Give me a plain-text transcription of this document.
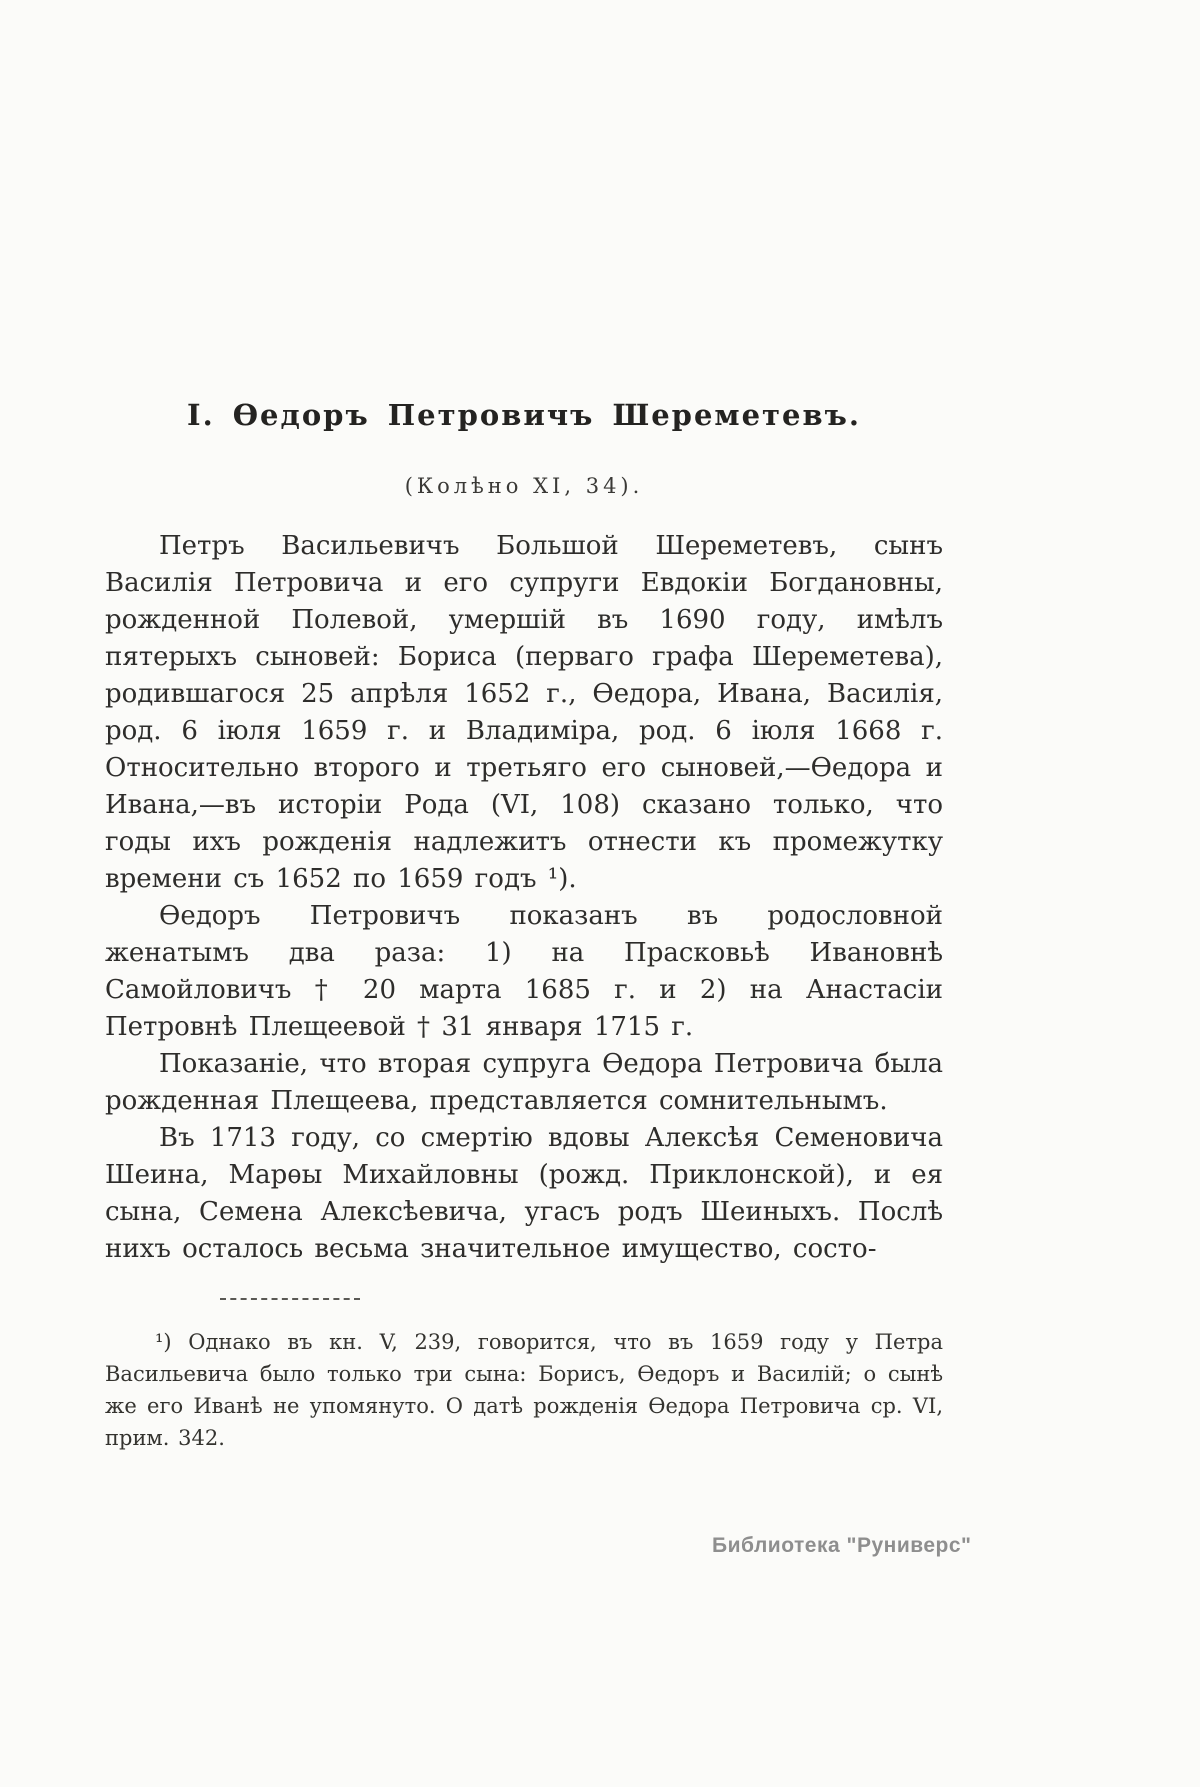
I. Ѳедоръ Петровичъ Шереметевъ.
(Колѣно XI, 34).

Петръ Васильевичъ Большой Шереметевъ, сынъ Василія Петровича и его супруги Евдокіи Богдановны, рожденной Полевой, умершій въ 1690 году, имѣлъ пятерыхъ сыновей: Бориса (перваго графа Шереметева), родившагося 25 апрѣля 1652 г., Ѳедора, Ивана, Василія, род. 6 іюля 1659 г. и Владиміра, род. 6 іюля 1668 г. Относительно второго и третьяго его сыновей,—Ѳедора и Ивана,—въ исторіи Рода (VI, 108) сказано только, что годы ихъ рожденія надлежитъ отнести къ промежутку времени съ 1652 по 1659 годъ ¹).

Ѳедоръ Петровичъ показанъ въ родословной женатымъ два раза: 1) на Прасковьѣ Ивановнѣ Самойловичъ † 20 марта 1685 г. и 2) на Анастасіи Петровнѣ Плещеевой † 31 января 1715 г.

Показаніе, что вторая супруга Ѳедора Петровича была рожденная Плещеева, представляется сомнительнымъ.

Въ 1713 году, со смертію вдовы Алексѣя Семеновича Шеина, Марѳы Михайловны (рожд. Приклонской), и ея сына, Семена Алексѣевича, угасъ родъ Шеиныхъ. Послѣ нихъ осталось весьма значительное имущество, состо-

¹) Однако въ кн. V, 239, говорится, что въ 1659 году у Петра Васильевича было только три сына: Борисъ, Ѳедоръ и Василій; о сынѣ же его Иванѣ не упомянуто. О датѣ рожденія Ѳедора Петровича ср. VI, прим. 342.

Библиотека "Руниверс"
